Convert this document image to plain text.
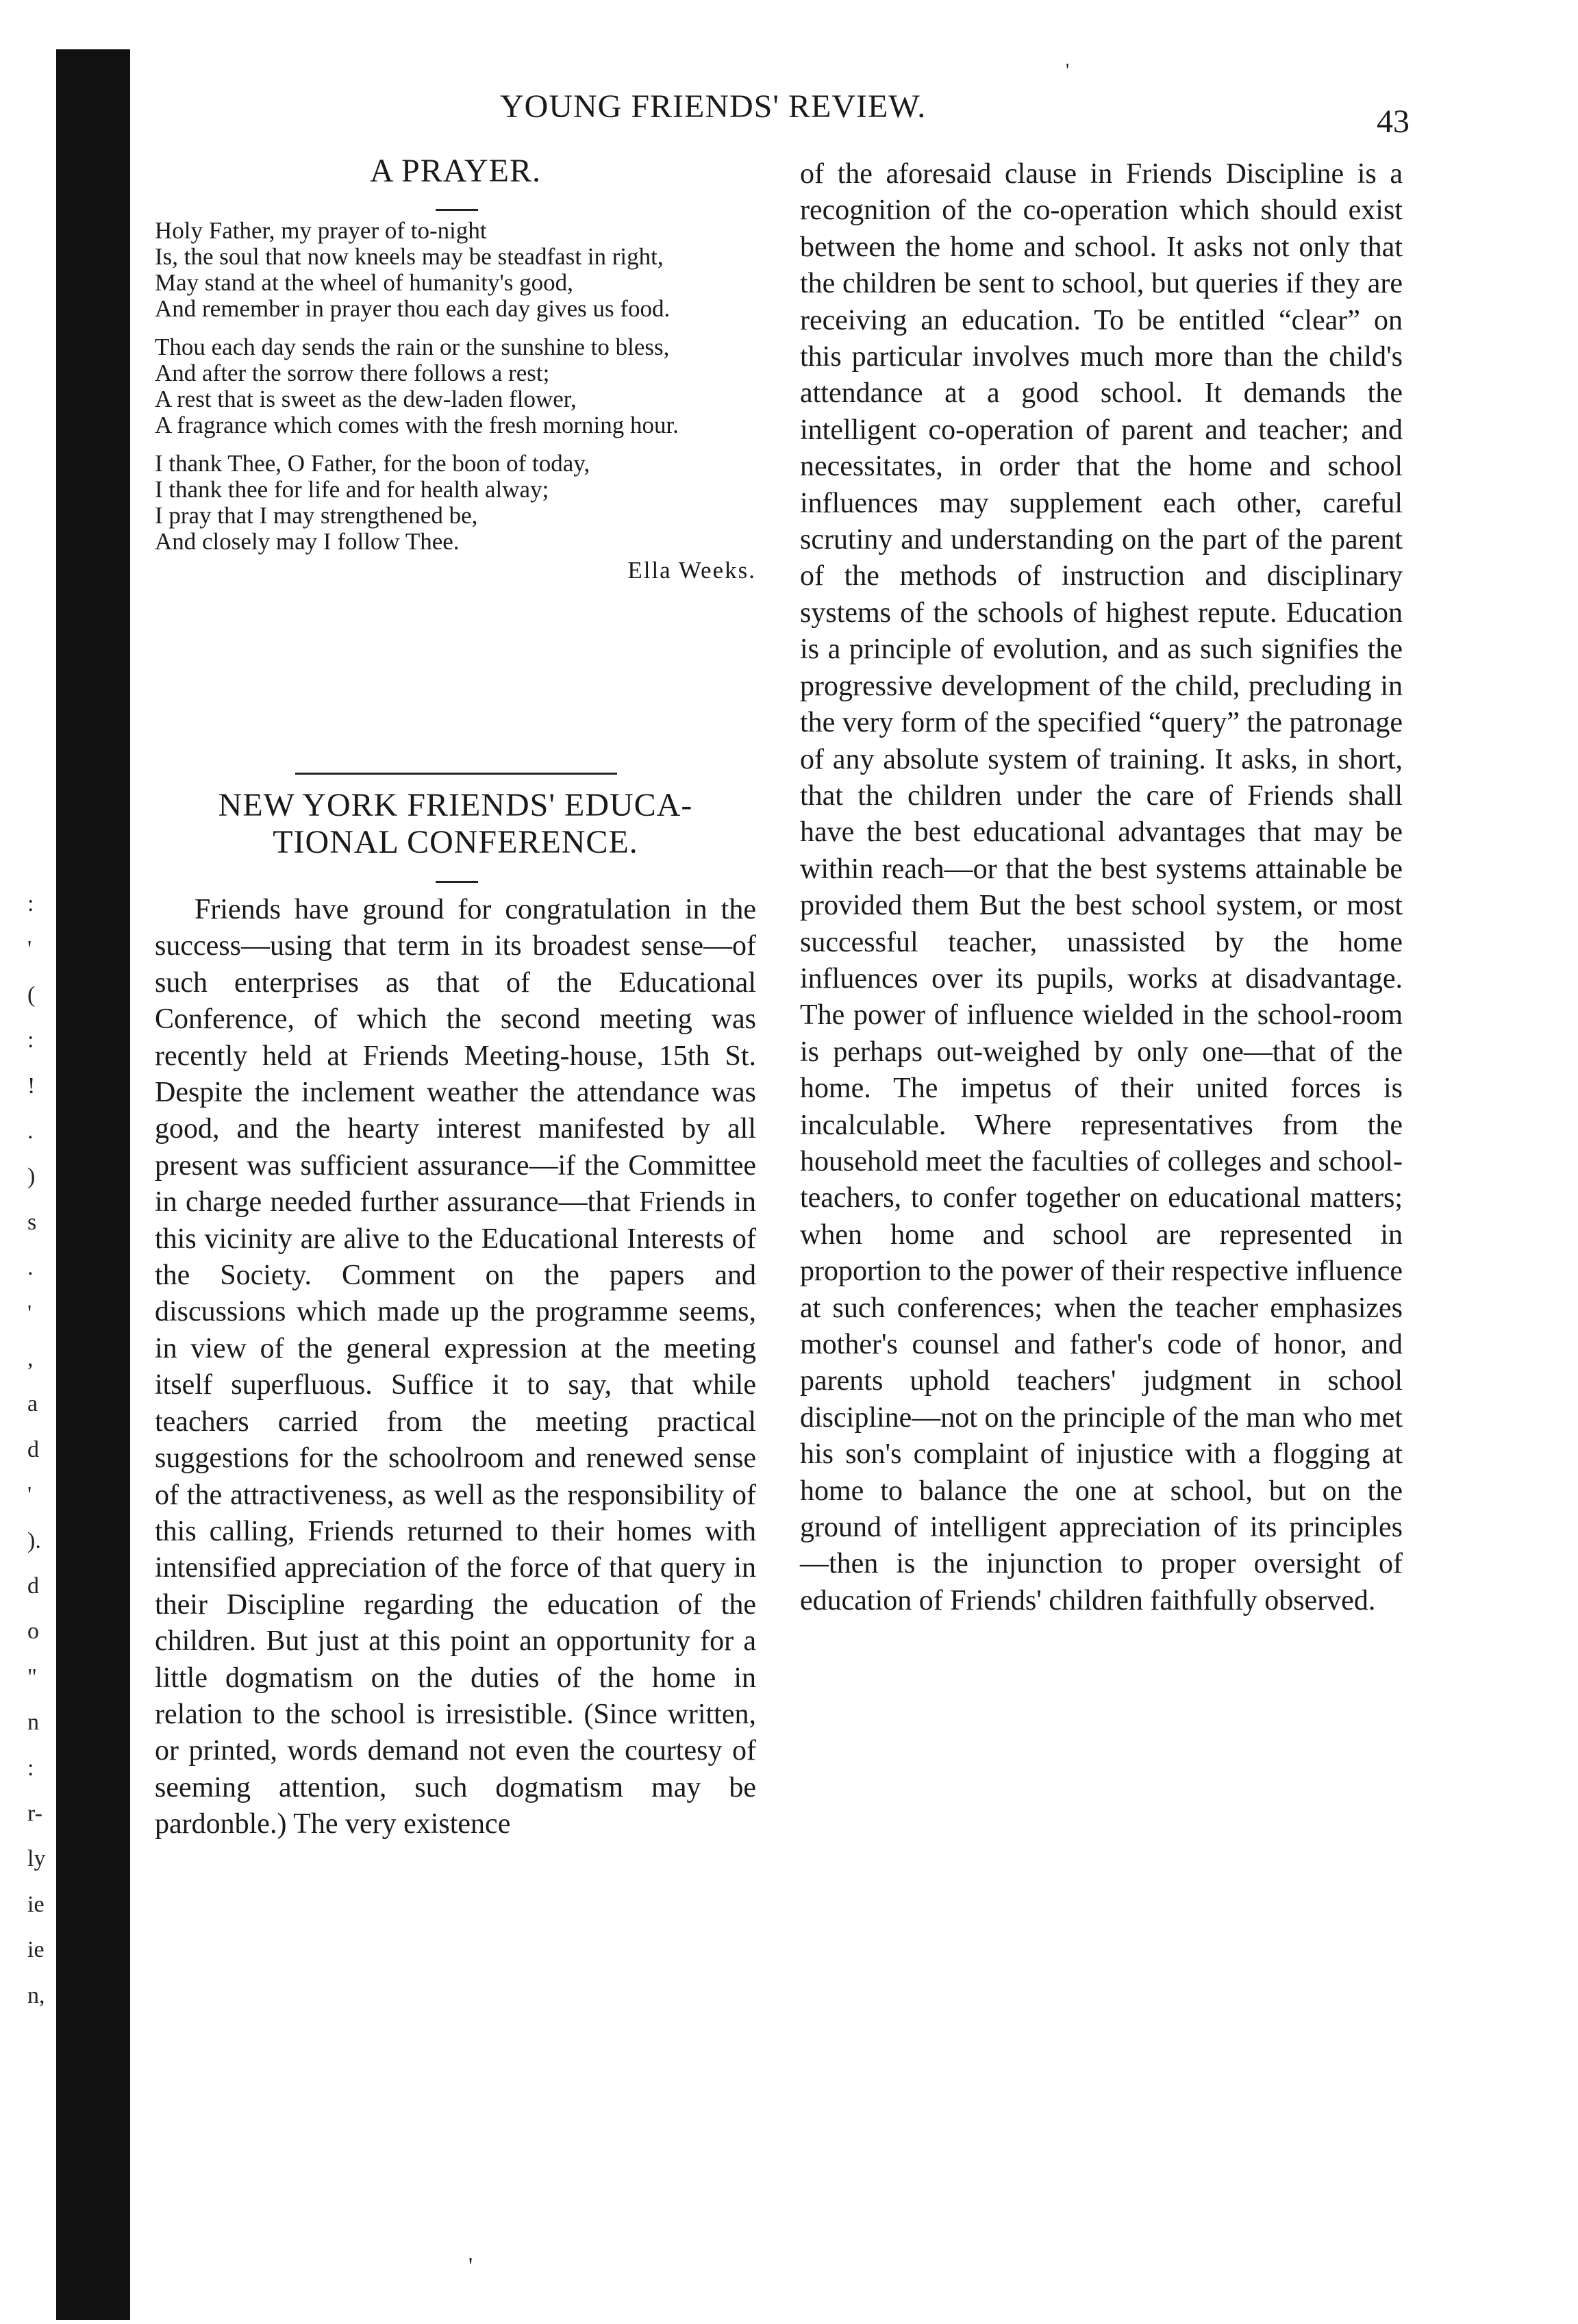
:
'
(
:
!
.
)
s
.
'
,
a
d
'
).
d
o
"
n
:
r-
ly
ie
ie
n,
'
YOUNG FRIENDS' REVIEW.	43
A PRAYER.

Holy Father, my prayer of to-night

Is, the soul that now kneels may be steadfast in right,

May stand at the wheel of humanity's good,

And remember in prayer thou each day gives us food.

Thou each day sends the rain or the sunshine to bless,

And after the sorrow there follows a rest;

A rest that is sweet as the dew-laden flower,

A fragrance which comes with the fresh morning hour.

I thank Thee, O Father, for the boon of today,

I thank thee for life and for health alway;

I pray that I may strengthened be,

And closely may I follow Thee.

Ella Weeks.
NEW YORK FRIENDS' EDUCA-
TIONAL CONFERENCE.

Friends have ground for congratulation in the success—using that term in its broadest sense—of such enterprises as that of the Educational Conference, of which the second meeting was recently held at Friends Meeting-house, 15th St. Despite the inclement weather the attendance was good, and the hearty interest manifested by all present was sufficient assurance—if the Committee in charge needed further assurance—that Friends in this vicinity are alive to the Educational Interests of the Society. Comment on the papers and discussions which made up the programme seems, in view of the general expression at the meeting itself superfluous. Suffice it to say, that while teachers carried from the meeting practical suggestions for the schoolroom and renewed sense of the attractiveness, as well as the responsibility of this calling, Friends returned to their homes with intensified appreciation of the force of that query in their Discipline regarding the education of the children. But just at this point an opportunity for a little dogmatism on the duties of the home in relation to the school is irresistible. (Since written, or printed, words demand not even the courtesy of seeming attention, such dogmatism may be pardonble.) The very existence

of the aforesaid clause in Friends Discipline is a recognition of the co-operation which should exist between the home and school. It asks not only that the children be sent to school, but queries if they are receiving an education. To be entitled “clear” on this particular involves much more than the child's attendance at a good school. It demands the intelligent co-operation of parent and teacher; and necessitates, in order that the home and school influences may supplement each other, careful scrutiny and understanding on the part of the parent of the methods of instruction and disciplinary systems of the schools of highest repute. Education is a principle of evolution, and as such signifies the progressive development of the child, precluding in the very form of the specified “query” the patronage of any absolute system of training. It asks, in short, that the children under the care of Friends shall have the best educational advantages that may be within reach—or that the best systems attainable be provided them But the best school system, or most successful teacher, unassisted by the home influences over its pupils, works at disadvantage. The power of influence wielded in the school-room is perhaps out-weighed by only one—that of the home. The impetus of their united forces is incalculable. Where representatives from the household meet the faculties of colleges and school-teachers, to confer together on educational matters; when home and school are represented in proportion to the power of their respective influence at such conferences; when the teacher emphasizes mother's counsel and father's code of honor, and parents uphold teachers' judgment in school discipline—not on the principle of the man who met his son's complaint of injustice with a flogging at home to balance the one at school, but on the ground of intelligent appreciation of its principles —then is the injunction to proper oversight of education of Friends' children faithfully observed.

'
